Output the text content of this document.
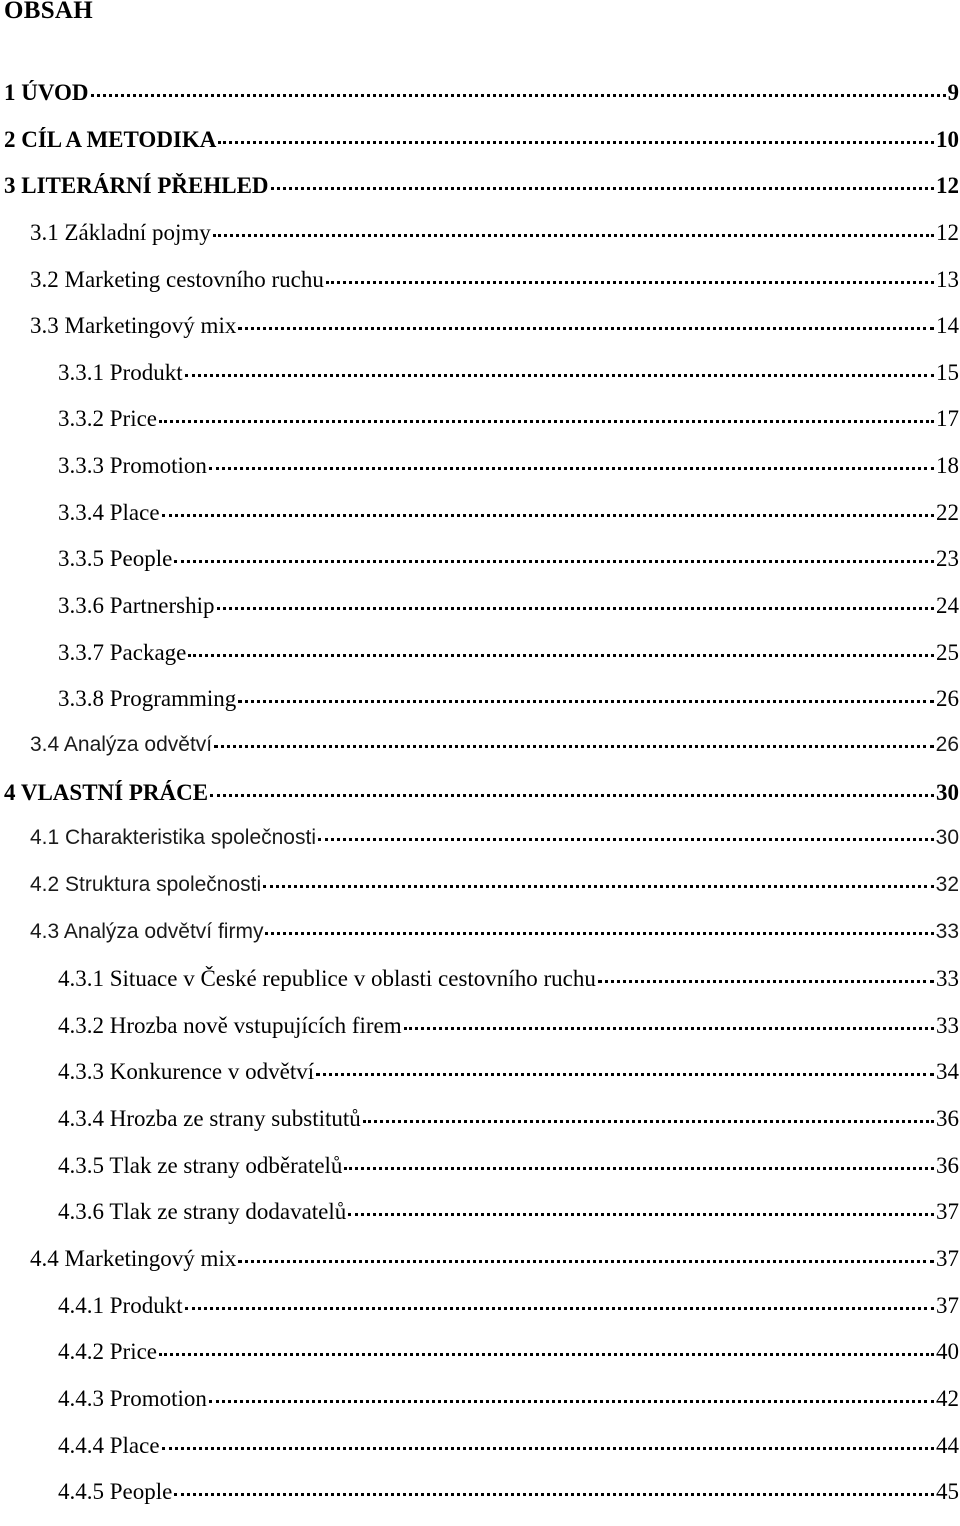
OBSAH
1 ÚVOD	9
2 CÍL A METODIKA	10
3 LITERÁRNÍ PŘEHLED	12
3.1 Základní pojmy	12
3.2 Marketing cestovního ruchu	13
3.3 Marketingový mix	14
3.3.1 Produkt	15
3.3.2 Price	17
3.3.3 Promotion	18
3.3.4 Place	22
3.3.5 People	23
3.3.6 Partnership	24
3.3.7 Package	25
3.3.8 Programming	26
3.4 Analýza odvětví	26
4 VLASTNÍ PRÁCE	30
4.1 Charakteristika společnosti	30
4.2 Struktura společnosti	32
4.3 Analýza odvětví firmy	33
4.3.1 Situace v České republice v oblasti cestovního ruchu	33
4.3.2 Hrozba nově vstupujících firem	33
4.3.3 Konkurence v odvětví	34
4.3.4 Hrozba ze strany substitutů	36
4.3.5 Tlak ze strany odběratelů	36
4.3.6 Tlak ze strany dodavatelů	37
4.4 Marketingový mix	37
4.4.1 Produkt	37
4.4.2 Price	40
4.4.3 Promotion	42
4.4.4 Place	44
4.4.5 People	45
